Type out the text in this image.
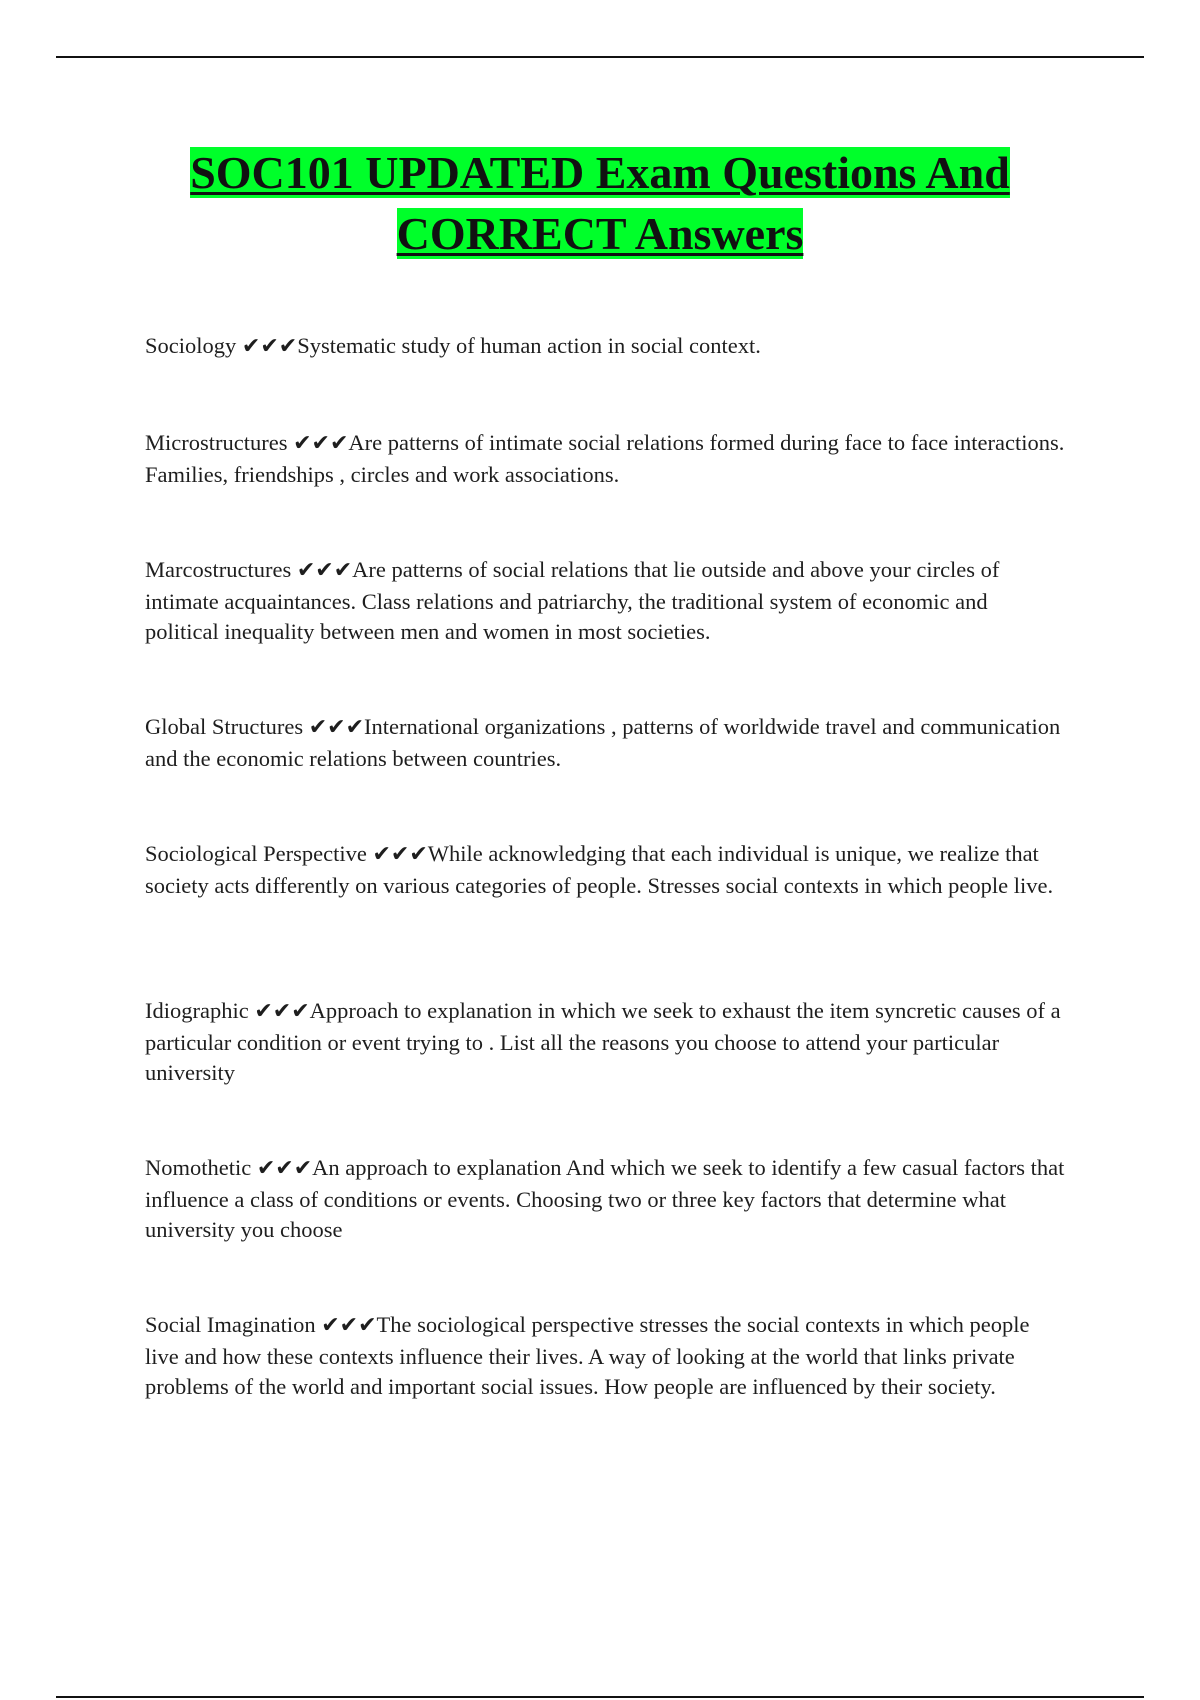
SOC101 UPDATED Exam Questions And CORRECT Answers
Sociology ✔✔✔Systematic study of human action in social context.
Microstructures ✔✔✔Are patterns of intimate social relations formed during face to face interactions. Families, friendships , circles and work associations.
Marcostructures ✔✔✔Are patterns of social relations that lie outside and above your circles of intimate acquaintances. Class relations and patriarchy, the traditional system of economic and political inequality between men and women in most societies.
Global Structures ✔✔✔International organizations , patterns of worldwide travel and communication and the economic relations between countries.
Sociological Perspective ✔✔✔While acknowledging that each individual is unique, we realize that society acts differently on various categories of people. Stresses social contexts in which people live.
Idiographic ✔✔✔Approach to explanation in which we seek to exhaust the item syncretic causes of a particular condition or event trying to . List all the reasons you choose to attend your particular university
Nomothetic ✔✔✔An approach to explanation And which we seek to identify a few casual factors that influence a class of conditions or events. Choosing two or three key factors that determine what university you choose
Social Imagination ✔✔✔The sociological perspective stresses the social contexts in which people live and how these contexts influence their lives. A way of looking at the world that links private problems of the world and important social issues. How people are influenced by their society.
